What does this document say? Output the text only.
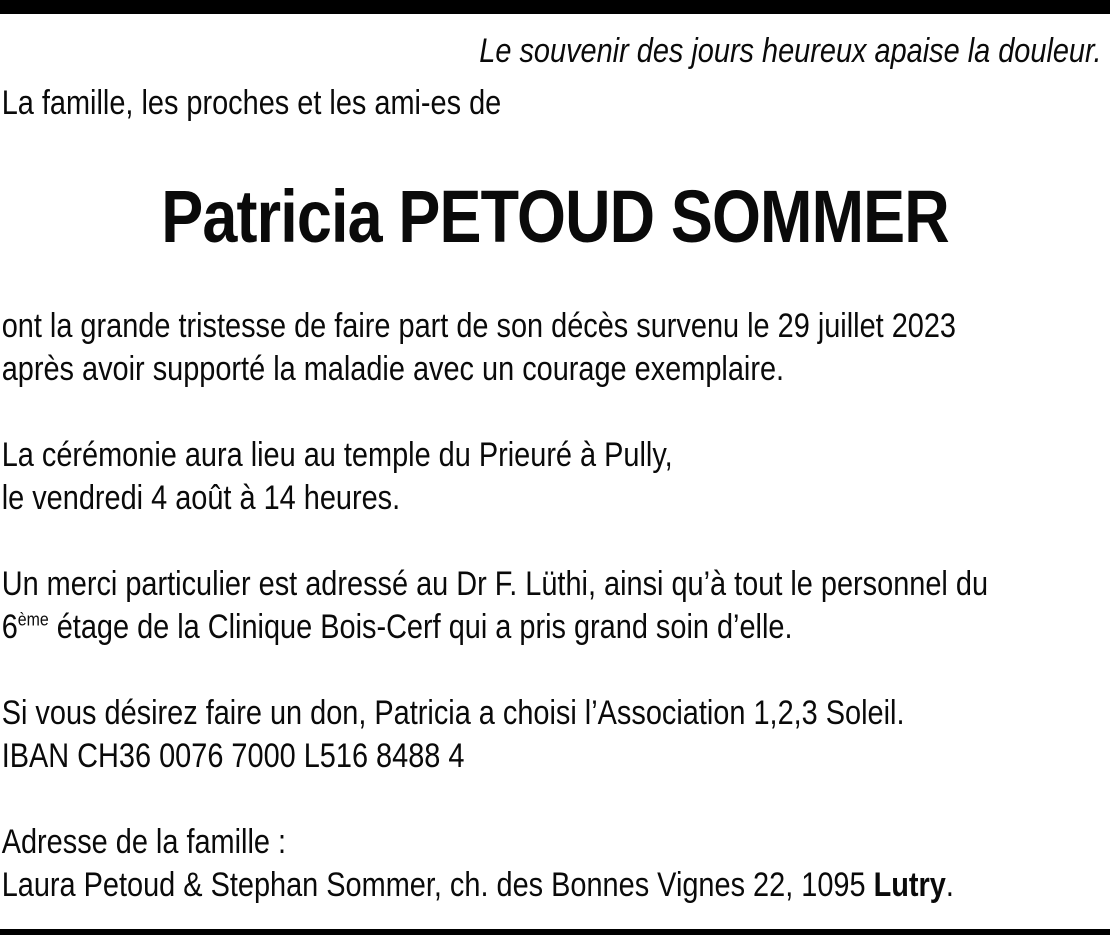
Le souvenir des jours heureux apaise la douleur.
La famille, les proches et les ami-es de
Patricia PETOUD SOMMER

ont la grande tristesse de faire part de son décès survenu le 29 juillet 2023
après avoir supporté la maladie avec un courage exemplaire.

La cérémonie aura lieu au temple du Prieuré à Pully,
le vendredi 4 août à 14 heures.

Un merci particulier est adressé au Dr F. Lüthi, ainsi qu’à tout le personnel du
6ème étage de la Clinique Bois-Cerf qui a pris grand soin d’elle.

Si vous désirez faire un don, Patricia a choisi l’Association 1,2,3 Soleil.
IBAN CH36 0076 7000 L516 8488 4

Adresse de la famille :
Laura Petoud & Stephan Sommer, ch. des Bonnes Vignes 22, 1095 Lutry.
